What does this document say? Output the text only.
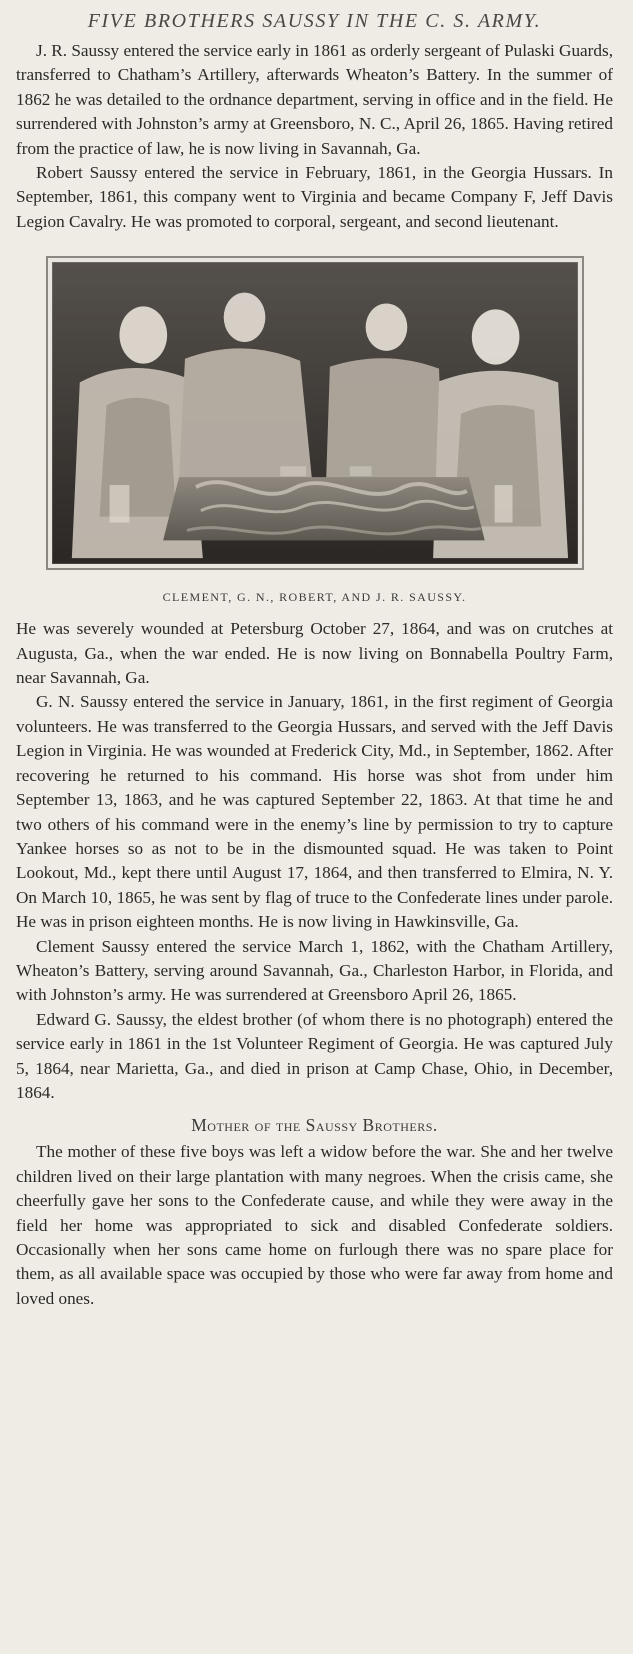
FIVE BROTHERS SAUSSY IN THE C. S. ARMY.

J. R. Saussy entered the service early in 1861 as orderly sergeant of Pulaski Guards, transferred to Chatham’s Artillery, afterwards Wheaton’s Battery. In the summer of 1862 he was detailed to the ordnance department, serving in office and in the field. He surrendered with Johnston’s army at Greensboro, N. C., April 26, 1865. Having retired from the practice of law, he is now living in Savannah, Ga.

Robert Saussy entered the service in February, 1861, in the Georgia Hussars. In September, 1861, this company went to Virginia and became Company F, Jeff Davis Legion Cavalry. He was promoted to corporal, sergeant, and second lieutenant.

CLEMENT, G. N., ROBERT, AND J. R. SAUSSY.

He was severely wounded at Petersburg October 27, 1864, and was on crutches at Augusta, Ga., when the war ended. He is now living on Bonnabella Poultry Farm, near Savannah, Ga.

G. N. Saussy entered the service in January, 1861, in the first regiment of Georgia volunteers. He was transferred to the Georgia Hussars, and served with the Jeff Davis Legion in Virginia. He was wounded at Frederick City, Md., in September, 1862. After recovering he returned to his command. His horse was shot from under him September 13, 1863, and he was captured September 22, 1863. At that time he and two others of his command were in the enemy’s line by permission to try to capture Yankee horses so as not to be in the dismounted squad. He was taken to Point Lookout, Md., kept there until August 17, 1864, and then transferred to Elmira, N. Y. On March 10, 1865, he was sent by flag of truce to the Confederate lines under parole. He was in prison eighteen months. He is now living in Hawkinsville, Ga.

Clement Saussy entered the service March 1, 1862, with the Chatham Artillery, Wheaton’s Battery, serving around Savannah, Ga., Charleston Harbor, in Florida, and with Johnston’s army. He was surrendered at Greensboro April 26, 1865.

Edward G. Saussy, the eldest brother (of whom there is no photograph) entered the service early in 1861 in the 1st Volunteer Regiment of Georgia. He was captured July 5, 1864, near Marietta, Ga., and died in prison at Camp Chase, Ohio, in December, 1864.

Mother of the Saussy Brothers.

The mother of these five boys was left a widow before the war. She and her twelve children lived on their large plantation with many negroes. When the crisis came, she cheerfully gave her sons to the Confederate cause, and while they were away in the field her home was appropriated to sick and disabled Confederate soldiers. Occasionally when her sons came home on furlough there was no spare place for them, as all available space was occupied by those who were far away from home and loved ones.
